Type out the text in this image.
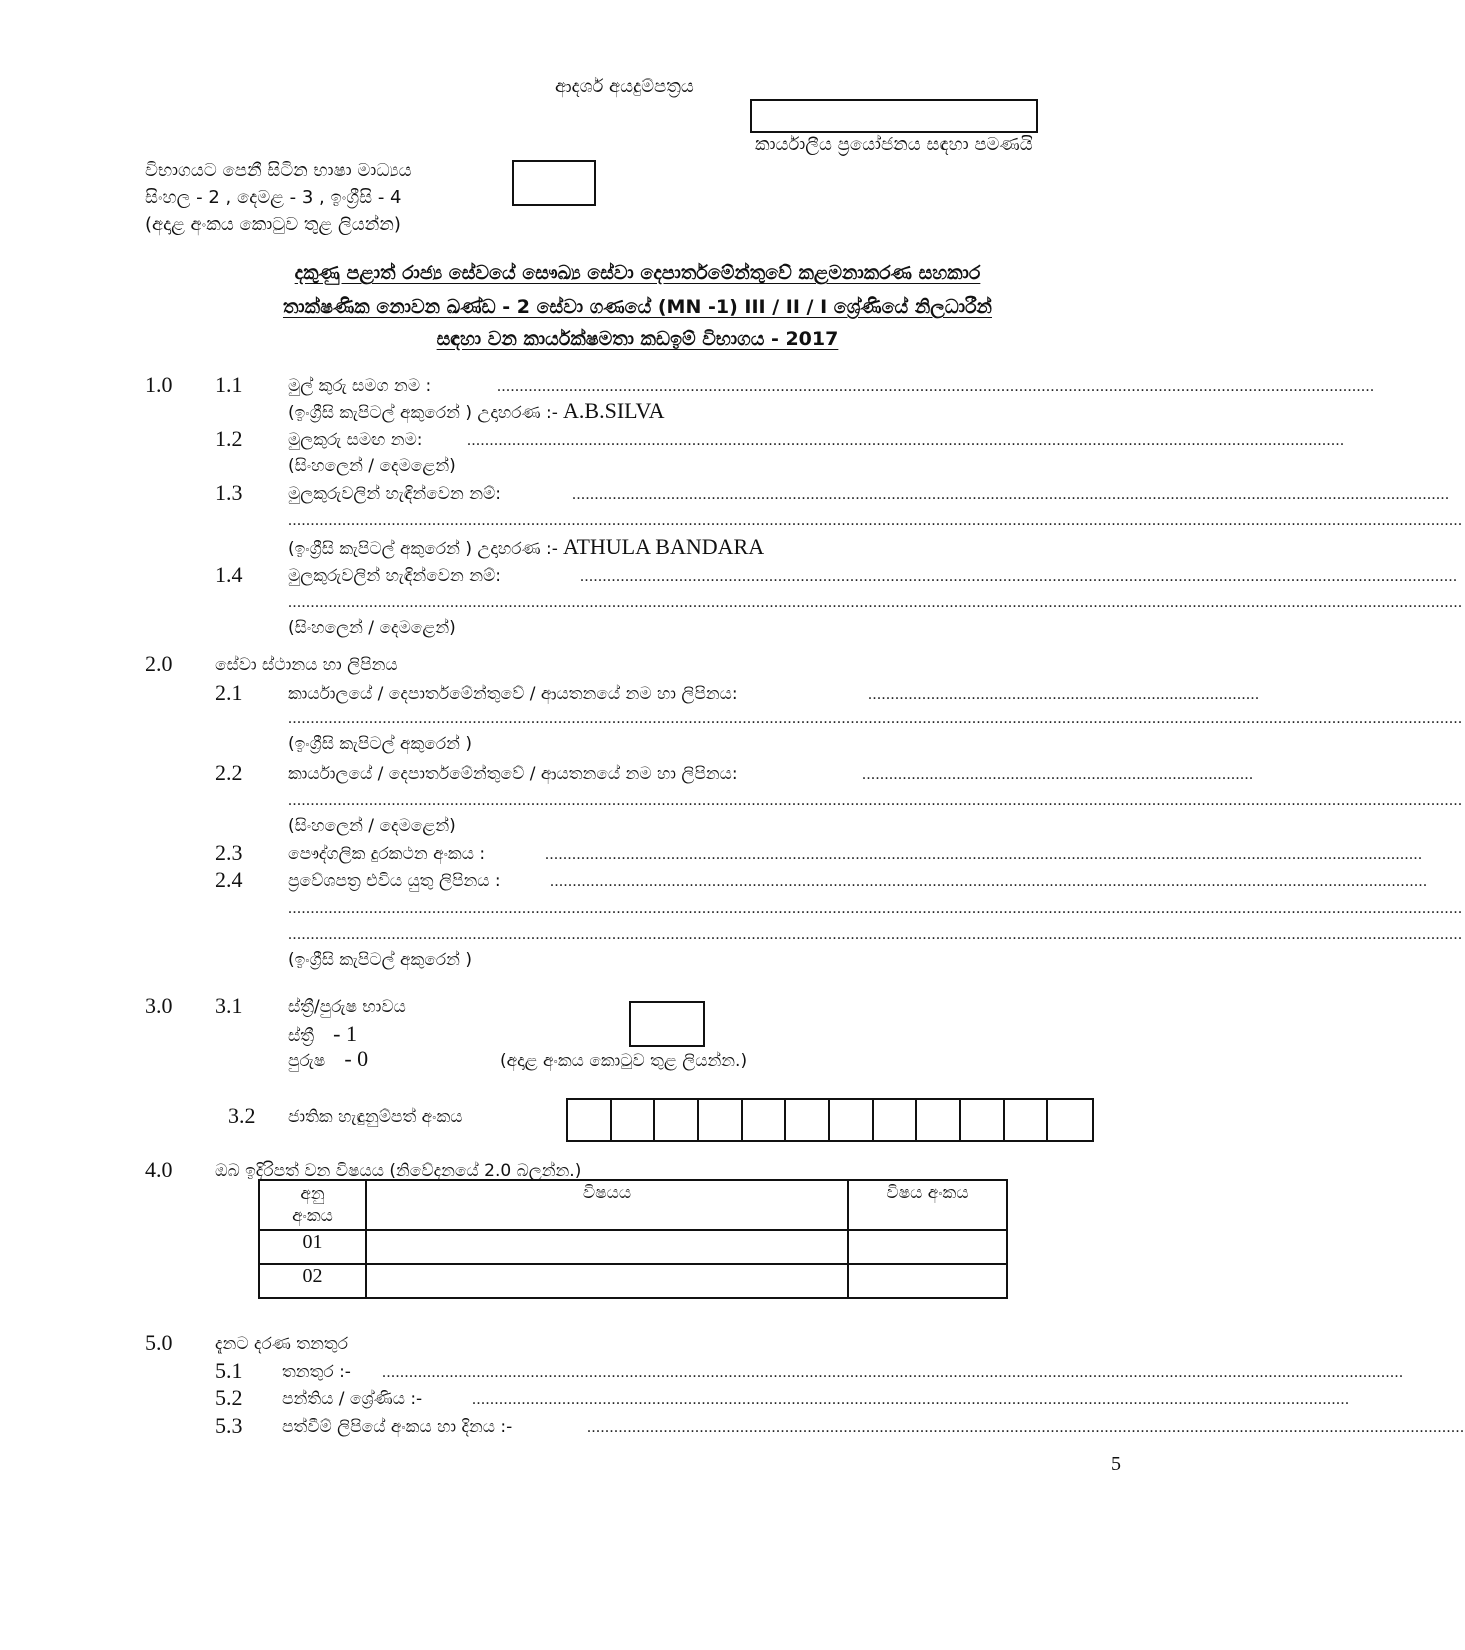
ආදර්ශ අයදුම්පත්‍රය
කාර්යාලීය ප්‍රයෝජනය සඳහා පමණයි
විභාගයට පෙනී සිටින භාෂා මාධ්‍යය
සිංහල - 2 , දෙමළ - 3 , ඉංග්‍රීසි - 4
(අදාළ අංකය කොටුව තුළ ලියන්න)
දකුණු පළාත් රාජ්‍ය සේවයේ සෞඛ්‍ය සේවා දෙපාර්තමේන්තුවේ කළමනාකරණ සහකාර
තාක්ෂණික නොවන ඛණ්ඩ - 2 සේවා ගණයේ (MN -1) III / II / I ශ්‍රේණියේ නිලධාරීන්
සඳහා වන කාර්යක්ෂමතා කඩඉම් විභාගය - 2017
1.0 1.1	මුල් කුරු සමග නම :	...................................................................................................................................................................................................
(ඉංග්‍රීසි කැපිටල් අකුරෙන් ) උදාහරණ :- A.B.SILVA
1.2	මුලකුරු සමඟ නම:	...................................................................................................................................................................................................
(සිංහලෙන් / දෙමළෙන්)
1.3	මුලකුරුවලින් හැඳින්වෙන නම්:	...................................................................................................................................................................................................
.....................................................................................................................................................................................................................................................................
(ඉංග්‍රීසි කැපිටල් අකුරෙන් ) උදාහරණ :- ATHULA BANDARA
1.4	මුලකුරුවලින් හැඳින්වෙන නම්:	...................................................................................................................................................................................................
.....................................................................................................................................................................................................................................................................
(සිංහලෙන් / දෙමළෙන්)
2.0	සේවා ස්ථානය හා ලිපිනය
2.1	කාර්යාලයේ / දෙපාර්තමේන්තුවේ / ආයතනයේ නම හා ලිපිනය:	.......................................................................................
.....................................................................................................................................................................................................................................................................
(ඉංග්‍රීසි කැපිටල් අකුරෙන් )
2.2	කාර්යාලයේ / දෙපාර්තමේන්තුවේ / ආයතනයේ නම හා ලිපිනය:	.......................................................................................
.....................................................................................................................................................................................................................................................................
(සිංහලෙන් / දෙමළෙන්)
2.3	පෞද්ගලික දුරකථන අංකය :	...................................................................................................................................................................................................
2.4	ප්‍රවේශපත්‍ර එවිය යුතු ලිපිනය :	...................................................................................................................................................................................................
.....................................................................................................................................................................................................................................................................
.....................................................................................................................................................................................................................................................................
(ඉංග්‍රීසි කැපිටල් අකුරෙන් )
3.0 3.1	ස්ත්‍රී/පුරුෂ භාවය
ස්ත්‍රී - 1
පුරුෂ - 0	(අදාළ අංකය කොටුව තුළ ලියන්න.)
3.2 ජාතික හැඳුනුම්පත් අංකය
4.0	ඔබ ඉදිරිපත් වන විෂයය (නිවේදනයේ 2.0 බලන්න.)
අනු
අංකය	විෂයය	විෂය අංකය
01		
02		
5.0	දැනට දරණ තනතුර
5.1 තනතුර :- ...................................................................................................................................................................................................................................
5.2 පන්තිය / ශ්‍රේණිය :-	...................................................................................................................................................................................................
5.3 පත්වීම් ලිපියේ අංකය හා දිනය :-	...................................................................................................................................................................................................
5
